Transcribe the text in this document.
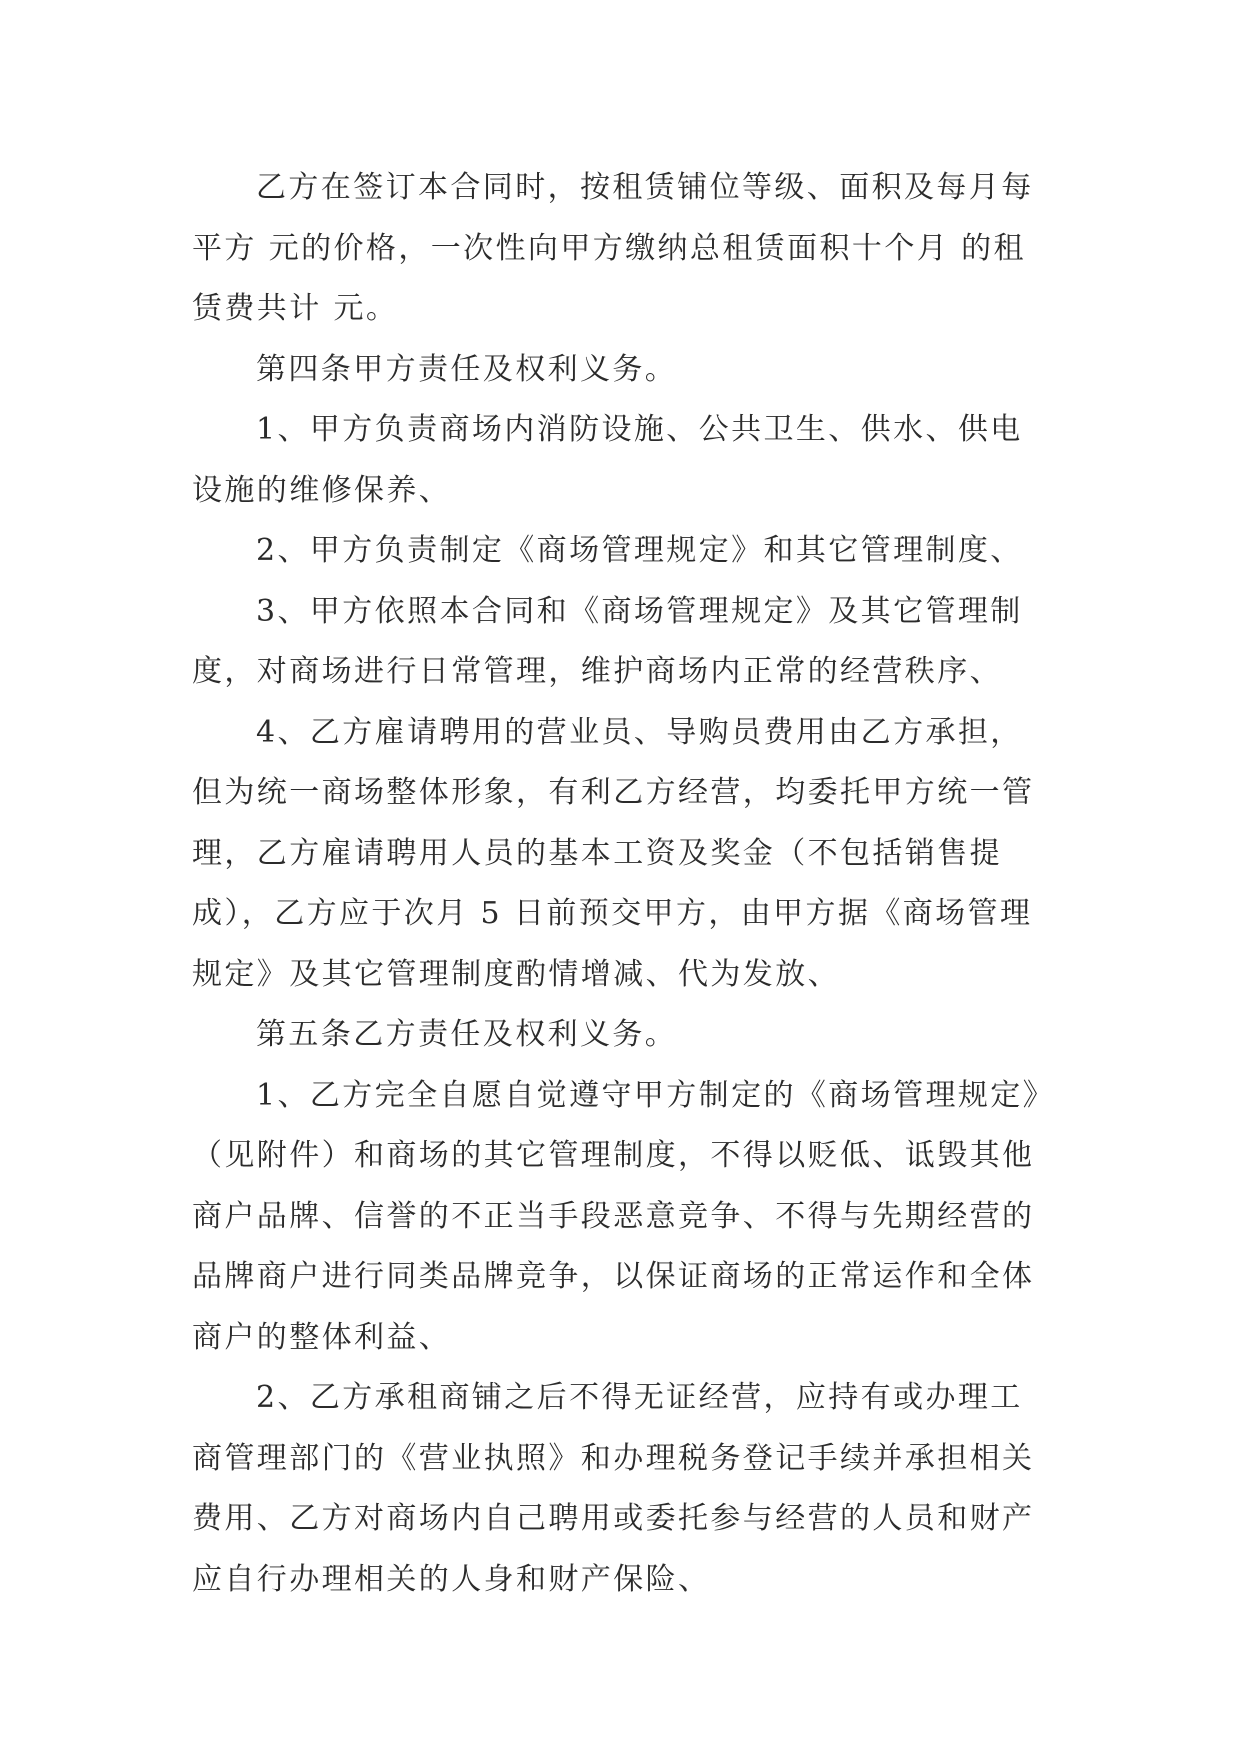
乙方在签订本合同时，按租赁铺位等级、面积及每月每平方 元的价格，一次性向甲方缴纳总租赁面积十个月 的租赁费共计 元。

第四条甲方责任及权利义务。

1、甲方负责商场内消防设施、公共卫生、供水、供电设施的维修保养、

2、甲方负责制定《商场管理规定》和其它管理制度、

3、甲方依照本合同和《商场管理规定》及其它管理制度，对商场进行日常管理，维护商场内正常的经营秩序、

4、乙方雇请聘用的营业员、导购员费用由乙方承担，但为统一商场整体形象，有利乙方经营，均委托甲方统一管理，乙方雇请聘用人员的基本工资及奖金（不包括销售提成），乙方应于次月 5 日前预交甲方，由甲方据《商场管理规定》及其它管理制度酌情增减、代为发放、

第五条乙方责任及权利义务。

1、乙方完全自愿自觉遵守甲方制定的《商场管理规定》（见附件）和商场的其它管理制度，不得以贬低、诋毁其他商户品牌、信誉的不正当手段恶意竞争、不得与先期经营的品牌商户进行同类品牌竞争，以保证商场的正常运作和全体商户的整体利益、

2、乙方承租商铺之后不得无证经营，应持有或办理工商管理部门的《营业执照》和办理税务登记手续并承担相关费用、乙方对商场内自己聘用或委托参与经营的人员和财产应自行办理相关的人身和财产保险、
